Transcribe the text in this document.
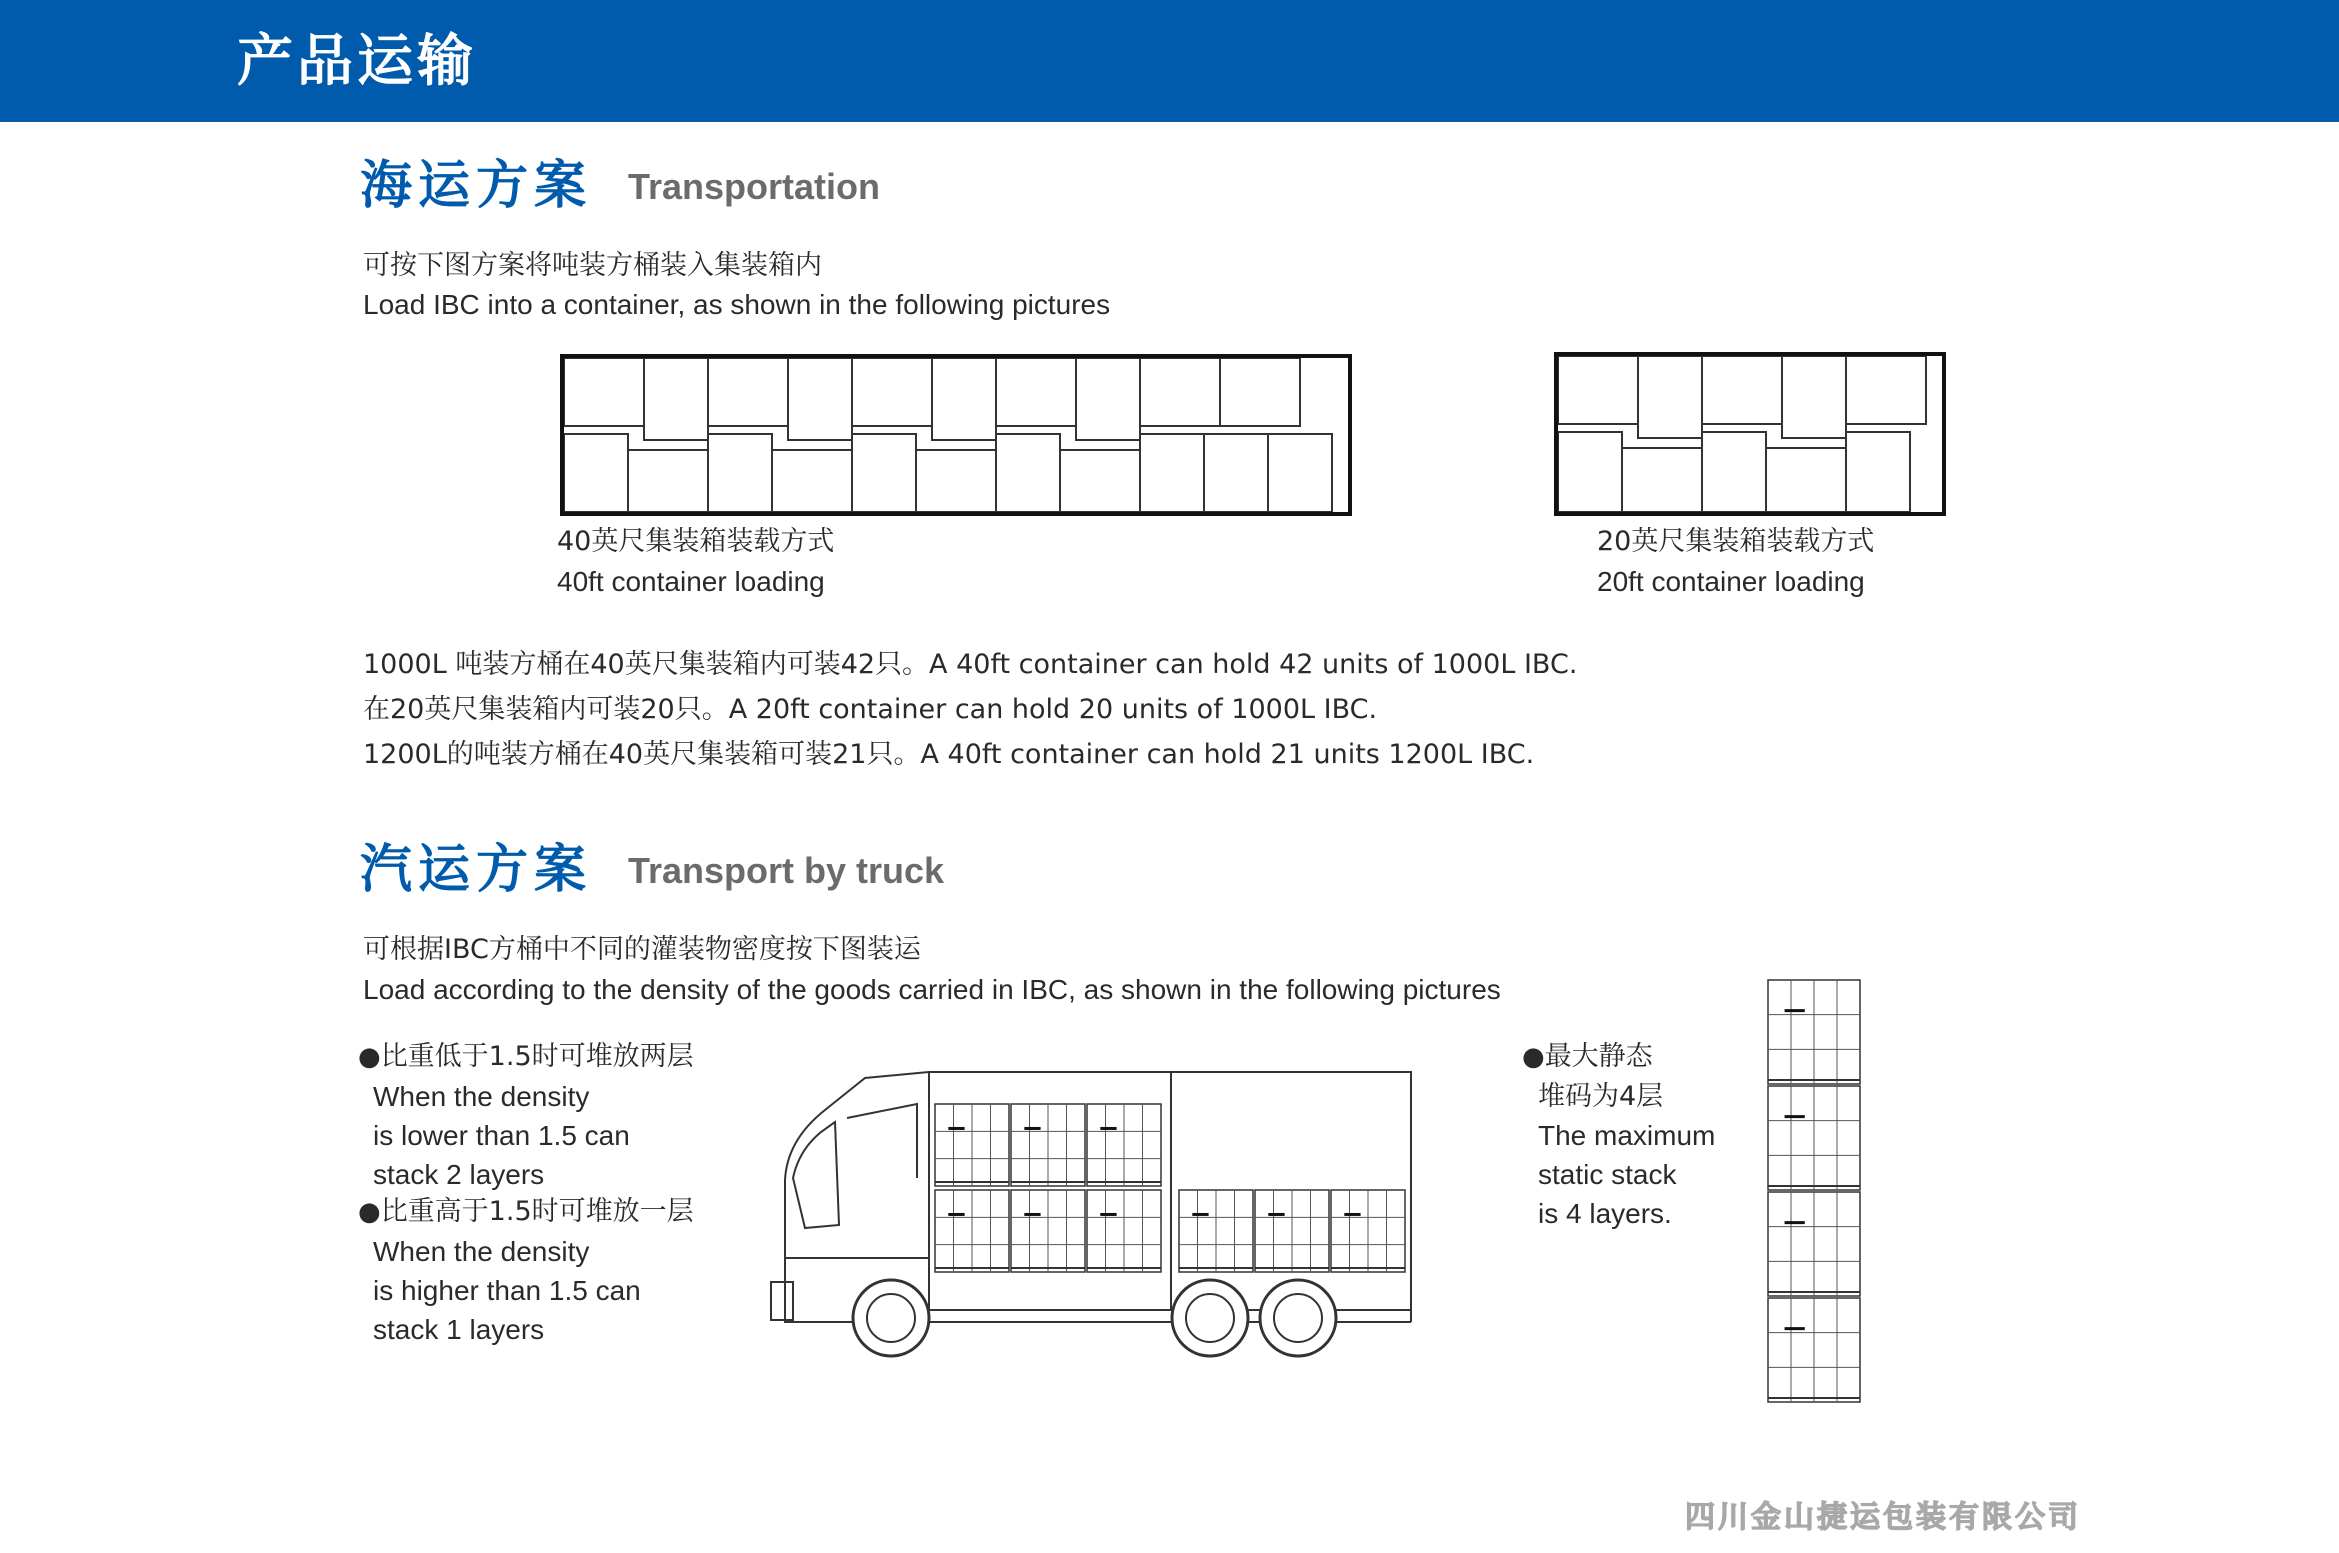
产品运输
海运方案 Transportation
可按下图方案将吨装方桶装入集装箱内
Load IBC into a container, as shown in the following pictures
40英尺集装箱装载方式
40ft container loading
20英尺集装箱装载方式
20ft container loading
1000L 吨装方桶在40英尺集装箱内可装42只。A 40ft container can hold 42 units of 1000L IBC.
在20英尺集装箱内可装20只。A 20ft container can hold 20 units of 1000L IBC.
1200L的吨装方桶在40英尺集装箱可装21只。A 40ft container can hold 21 units 1200L IBC.
汽运方案 Transport by truck
可根据IBC方桶中不同的灌装物密度按下图装运
Load according to the density of the goods carried in IBC, as shown in the following pictures
●比重低于1.5时可堆放两层
When the density
is lower than 1.5 can
stack 2 layers
●比重高于1.5时可堆放一层
When the density
is higher than 1.5 can
stack 1 layers
●最大静态
堆码为4层
The maximum
static stack
is 4 layers.
四川金山捷运包装有限公司
